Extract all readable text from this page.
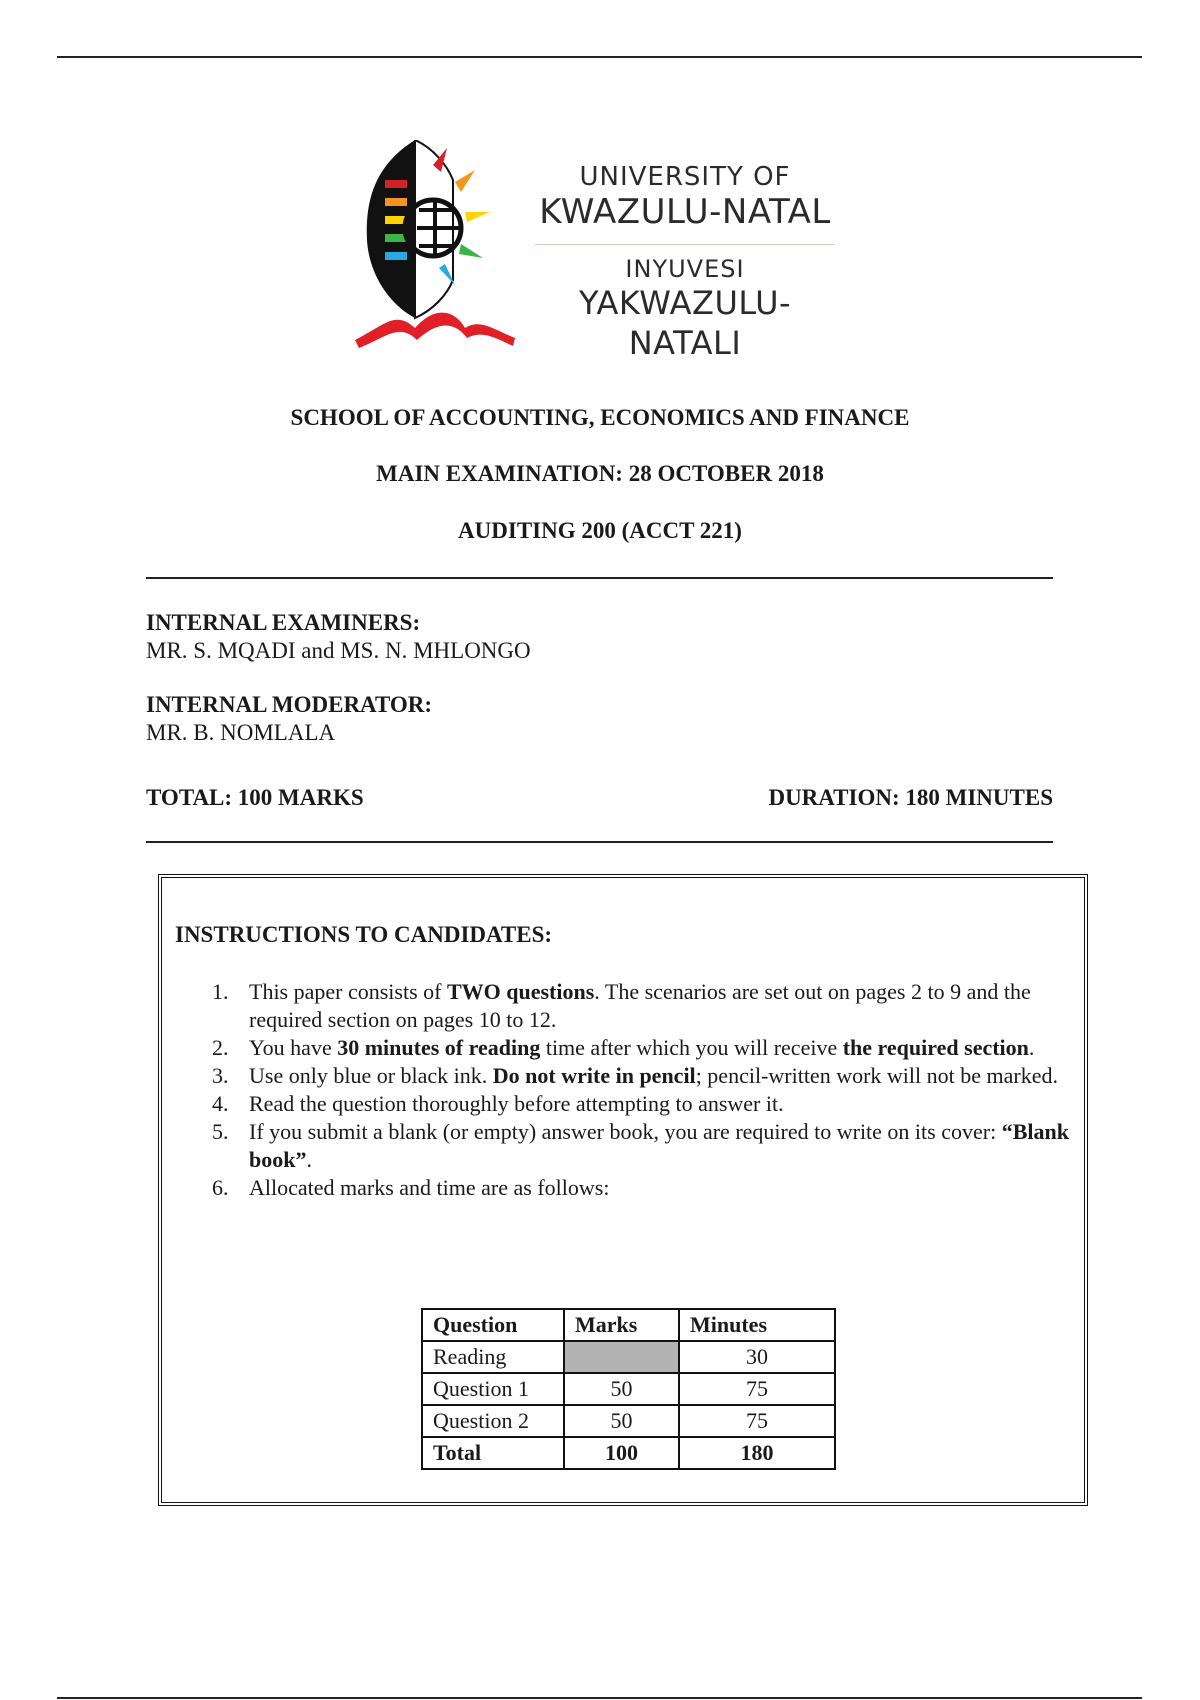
UNIVERSITY OF
KWAZULU-NATAL
INYUVESI
YAKWAZULU-NATALI
SCHOOL OF ACCOUNTING, ECONOMICS AND FINANCE
MAIN EXAMINATION: 28 OCTOBER 2018
AUDITING 200 (ACCT 221)
INTERNAL EXAMINERS:
MR. S. MQADI and MS. N. MHLONGO
INTERNAL MODERATOR:
MR. B. NOMLALA
TOTAL: 100 MARKS	DURATION: 180 MINUTES
INSTRUCTIONS TO CANDIDATES:
1. This paper consists of TWO questions. The scenarios are set out on pages 2 to 9 and the required section on pages 10 to 12.
2. You have 30 minutes of reading time after which you will receive the required section.
3. Use only blue or black ink. Do not write in pencil; pencil-written work will not be marked.
4. Read the question thoroughly before attempting to answer it.
5. If you submit a blank (or empty) answer book, you are required to write on its cover: “Blank book”.
6. Allocated marks and time are as follows:
Question	Marks	Minutes
Reading		30
Question 1	50	75
Question 2	50	75
Total	100	180
